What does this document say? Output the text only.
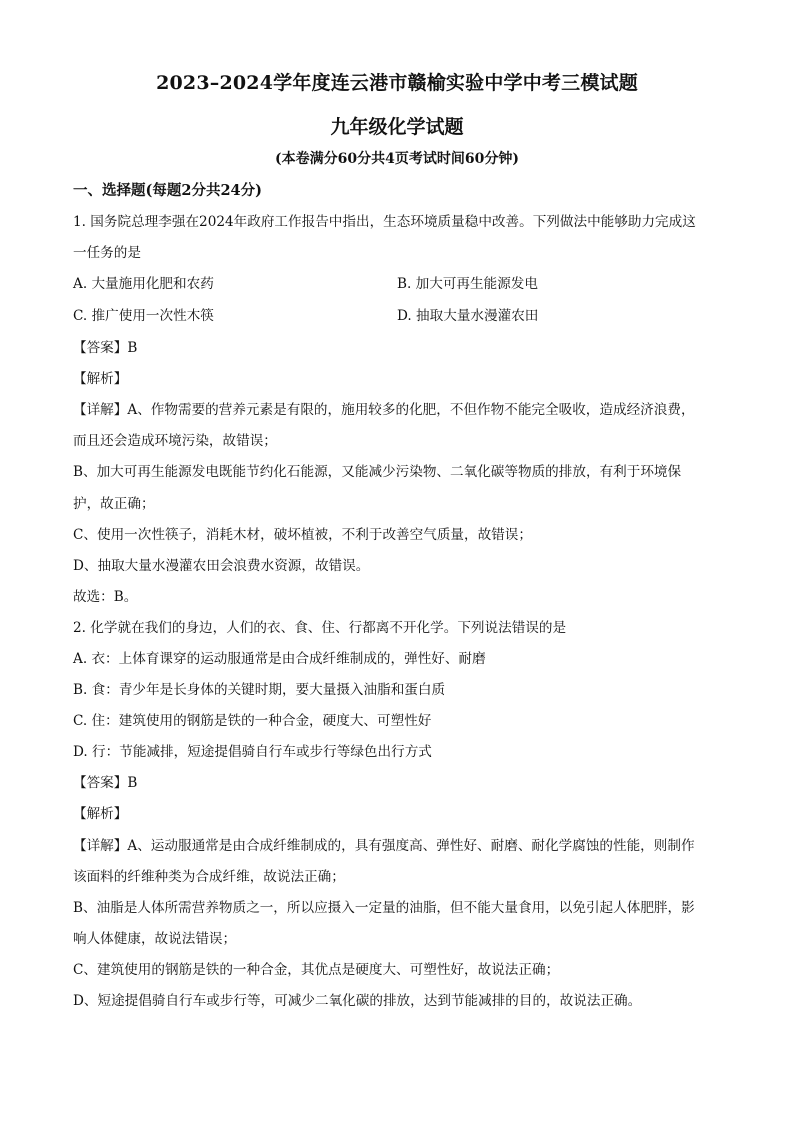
2023–2024学年度连云港市赣榆实验中学中考三模试题
九年级化学试题
(本卷满分60分共4页考试时间60分钟)
一、选择题(每题2分共24分)
1. 国务院总理李强在2024年政府工作报告中指出，生态环境质量稳中改善。下列做法中能够助力完成这
一任务的是
A. 大量施用化肥和农药	B. 加大可再生能源发电
C. 推广使用一次性木筷	D. 抽取大量水漫灌农田
【答案】B
【解析】
【详解】A、作物需要的营养元素是有限的，施用较多的化肥，不但作物不能完全吸收，造成经济浪费，
而且还会造成环境污染，故错误；
B、加大可再生能源发电既能节约化石能源，又能减少污染物、二氧化碳等物质的排放，有利于环境保
护，故正确；
C、使用一次性筷子，消耗木材，破坏植被，不利于改善空气质量，故错误；
D、抽取大量水漫灌农田会浪费水资源，故错误。
故选：B。
2. 化学就在我们的身边，人们的衣、食、住、行都离不开化学。下列说法错误的是
A. 衣：上体育课穿的运动服通常是由合成纤维制成的，弹性好、耐磨
B. 食：青少年是长身体的关键时期，要大量摄入油脂和蛋白质
C. 住：建筑使用的钢筋是铁的一种合金，硬度大、可塑性好
D. 行：节能减排，短途提倡骑自行车或步行等绿色出行方式
【答案】B
【解析】
【详解】A、运动服通常是由合成纤维制成的，具有强度高、弹性好、耐磨、耐化学腐蚀的性能，则制作
该面料的纤维种类为合成纤维，故说法正确；
B、油脂是人体所需营养物质之一，所以应摄入一定量的油脂，但不能大量食用，以免引起人体肥胖，影
响人体健康，故说法错误；
C、建筑使用的钢筋是铁的一种合金，其优点是硬度大、可塑性好，故说法正确；
D、短途提倡骑自行车或步行等，可减少二氧化碳的排放，达到节能减排的目的，故说法正确。
